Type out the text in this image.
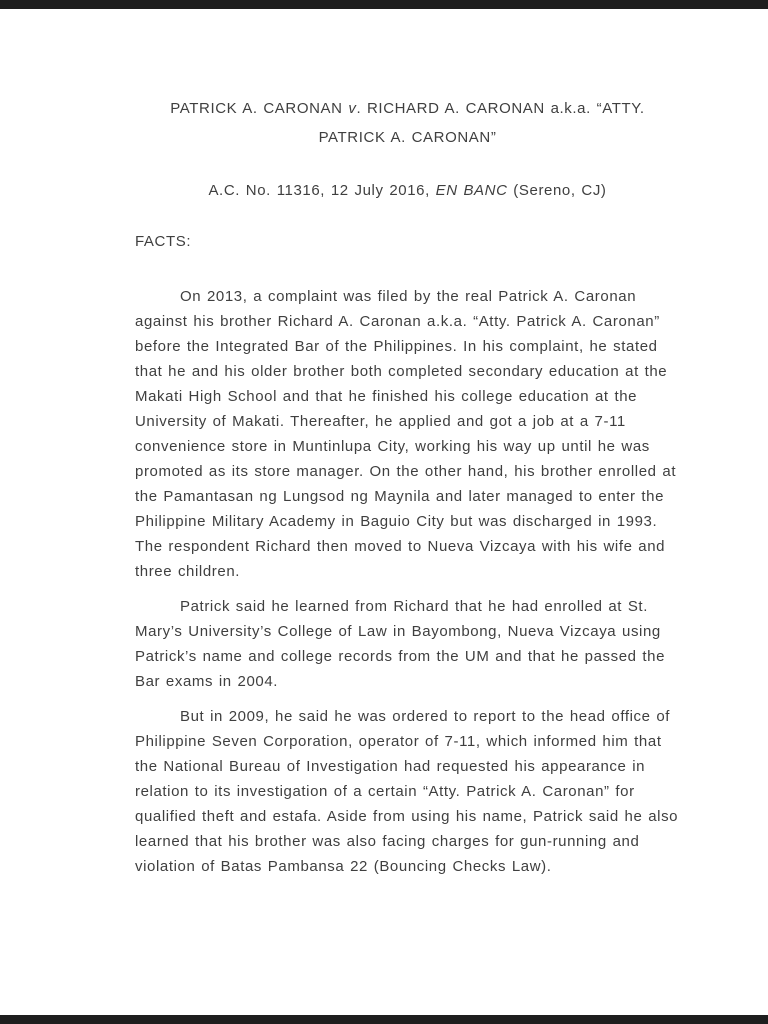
PATRICK A. CARONAN v. RICHARD A. CARONAN a.k.a. “ATTY. PATRICK A. CARONAN”
A.C. No. 11316, 12 July 2016, EN BANC (Sereno, CJ)
FACTS:

On 2013, a complaint was filed by the real Patrick A. Caronan against his brother Richard A. Caronan a.k.a. “Atty. Patrick A. Caronan” before the Integrated Bar of the Philippines. In his complaint, he stated that he and his older brother both completed secondary education at the Makati High School and that he finished his college education at the University of Makati. Thereafter, he applied and got a job at a 7-11 convenience store in Muntinlupa City, working his way up until he was promoted as its store manager. On the other hand, his brother enrolled at the Pamantasan ng Lungsod ng Maynila and later managed to enter the Philippine Military Academy in Baguio City but was discharged in 1993. The respondent Richard then moved to Nueva Vizcaya with his wife and three children.

Patrick said he learned from Richard that he had enrolled at St. Mary’s University’s College of Law in Bayombong, Nueva Vizcaya using Patrick’s name and college records from the UM and that he passed the Bar exams in 2004.

But in 2009, he said he was ordered to report to the head office of Philippine Seven Corporation, operator of 7-11, which informed him that the National Bureau of Investigation had requested his appearance in relation to its investigation of a certain “Atty. Patrick A. Caronan” for qualified theft and estafa. Aside from using his name, Patrick said he also learned that his brother was also facing charges for gun-running and violation of Batas Pambansa 22 (Bouncing Checks Law).
